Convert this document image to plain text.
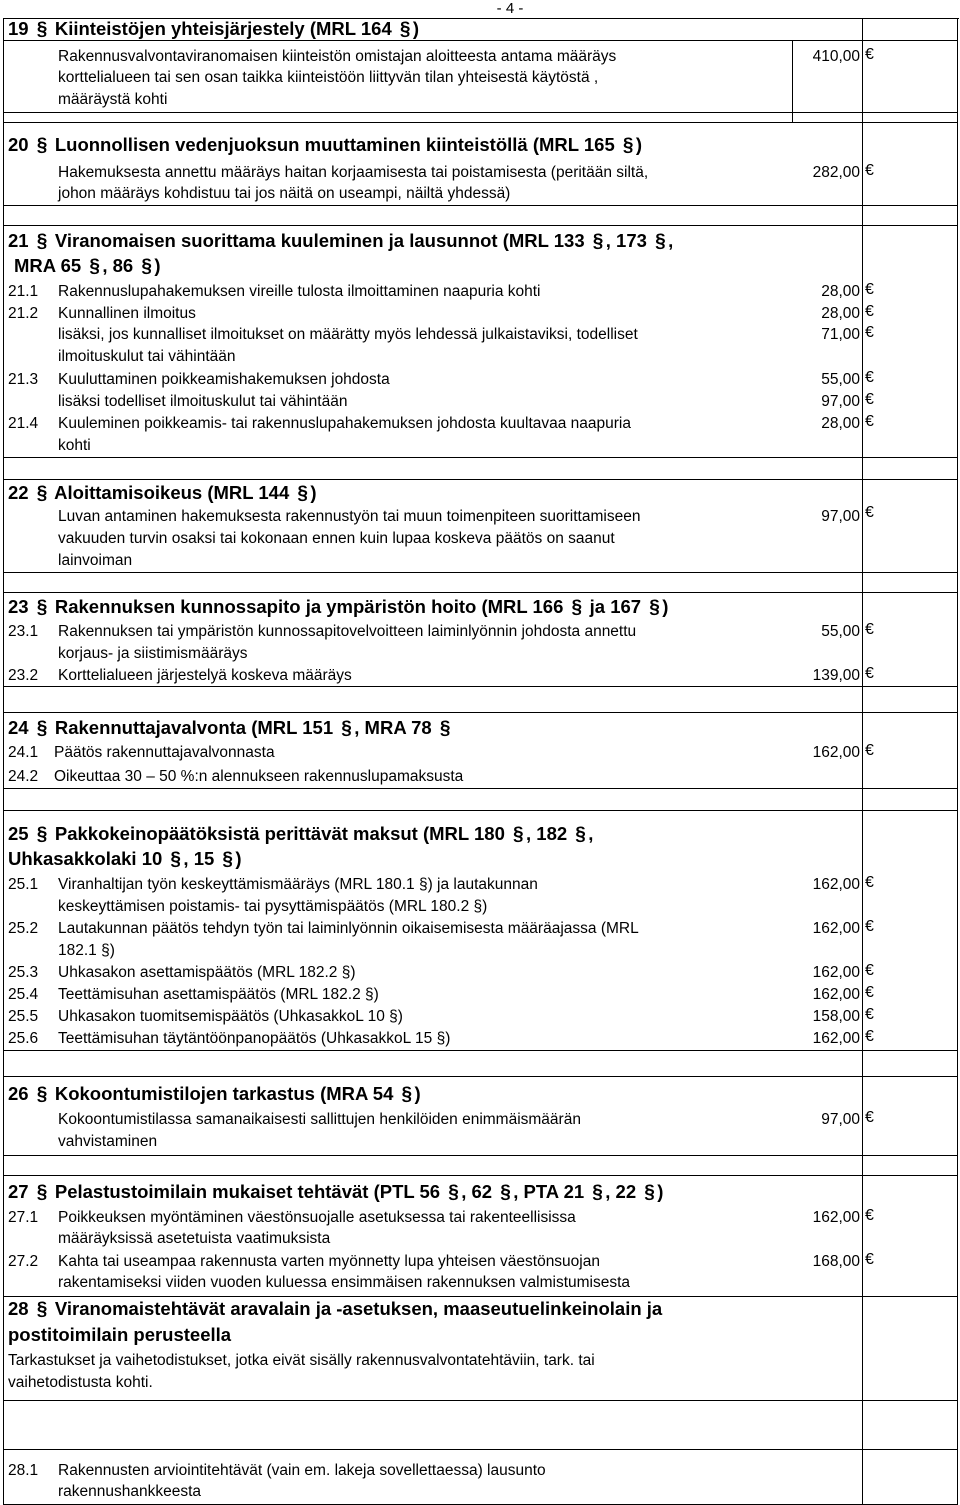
- 4 -
19 § Kiinteistöjen yhteisjärjestely (MRL 164 § )
Rakennusvalvontaviranomaisen kiinteistön omistajan aloitteesta antama määräys
korttelialueen tai sen osan taikka kiinteistöön liittyvän tilan yhteisestä käytöstä ,
määräystä kohti
410,00 €
20 § Luonnollisen vedenjuoksun muuttaminen kiinteistöllä (MRL 165 § )
Hakemuksesta annettu määräys haitan korjaamisesta tai poistamisesta (peritään siltä,
johon määräys kohdistuu tai jos näitä on useampi, näiltä yhdessä)
282,00 €
21 § Viranomaisen suorittama kuuleminen ja lausunnot (MRL 133 § , 173 § ,
MRA 65 § , 86 § )
21.1 Rakennuslupahakemuksen vireille tulosta ilmoittaminen naapuria kohti	28,00 €
21.2 Kunnallinen ilmoitus	28,00 €
lisäksi, jos kunnalliset ilmoitukset on määrätty myös lehdessä julkaistaviksi, todelliset
ilmoituskulut tai vähintään
71,00 €
21.3 Kuuluttaminen poikkeamishakemuksen johdosta	55,00 €
lisäksi todelliset ilmoituskulut tai vähintään	97,00 €
21.4 Kuuleminen poikkeamis- tai rakennuslupahakemuksen johdosta kuultavaa naapuria
kohti
28,00 €
22 § Aloittamisoikeus (MRL 144 § )
Luvan antaminen hakemuksesta rakennustyön tai muun toimenpiteen suorittamiseen
vakuuden turvin osaksi tai kokonaan ennen kuin lupaa koskeva päätös on saanut
lainvoiman
97,00 €
23 § Rakennuksen kunnossapito ja ympäristön hoito (MRL 166 § ja 167 § )
23.1 Rakennuksen tai ympäristön kunnossapitovelvoitteen laiminlyönnin johdosta annettu
korjaus- ja siistimismääräys
55,00 €
23.2 Korttelialueen järjestelyä koskeva määräys	139,00 €
24 § Rakennuttajavalvonta (MRL 151 § , MRA 78 §
24.1 Päätös rakennuttajavalvonnasta	162,00 €
24.2 Oikeuttaa 30 – 50 %:n alennukseen rakennuslupamaksusta
25 § Pakkokeinopäätöksistä perittävät maksut (MRL 180 § , 182 § ,
Uhkasakkolaki 10 § , 15 § )
25.1 Viranhaltijan työn keskeyttämismääräys (MRL 180.1 §) ja lautakunnan
keskeyttämisen poistamis- tai pysyttämispäätös (MRL 180.2 §)
162,00 €
25.2 Lautakunnan päätös tehdyn työn tai laiminlyönnin oikaisemisesta määräajassa (MRL
182.1 §)
162,00 €
25.3 Uhkasakon asettamispäätös (MRL 182.2 §)	162,00 €
25.4 Teettämisuhan asettamispäätös (MRL 182.2 §)	162,00 €
25.5 Uhkasakon tuomitsemispäätös (UhkasakkoL 10 §)	158,00 €
25.6 Teettämisuhan täytäntöönpanopäätös (UhkasakkoL 15 §)	162,00 €
26 § Kokoontumistilojen tarkastus (MRA 54 § )
Kokoontumistilassa samanaikaisesti sallittujen henkilöiden enimmäismäärän
vahvistaminen
97,00 €
27 § Pelastustoimilain mukaiset tehtävät (PTL 56 § , 62 § , PTA 21 § , 22 § )
27.1 Poikkeuksen myöntäminen väestönsuojalle asetuksessa tai rakenteellisissa
määräyksissä asetetuista vaatimuksista
162,00 €
27.2 Kahta tai useampaa rakennusta varten myönnetty lupa yhteisen väestönsuojan
rakentamiseksi viiden vuoden kuluessa ensimmäisen rakennuksen valmistumisesta
168,00 €
28 § Viranomaistehtävät aravalain ja -asetuksen, maaseutuelinkeinolain ja
postitoimilain perusteella
Tarkastukset ja vaihetodistukset, jotka eivät sisälly rakennusvalvontatehtäviin, tark. tai
vaihetodistusta kohti.
28.1 Rakennusten arviointitehtävät (vain em. lakeja sovellettaessa) lausunto
rakennushankkeesta
